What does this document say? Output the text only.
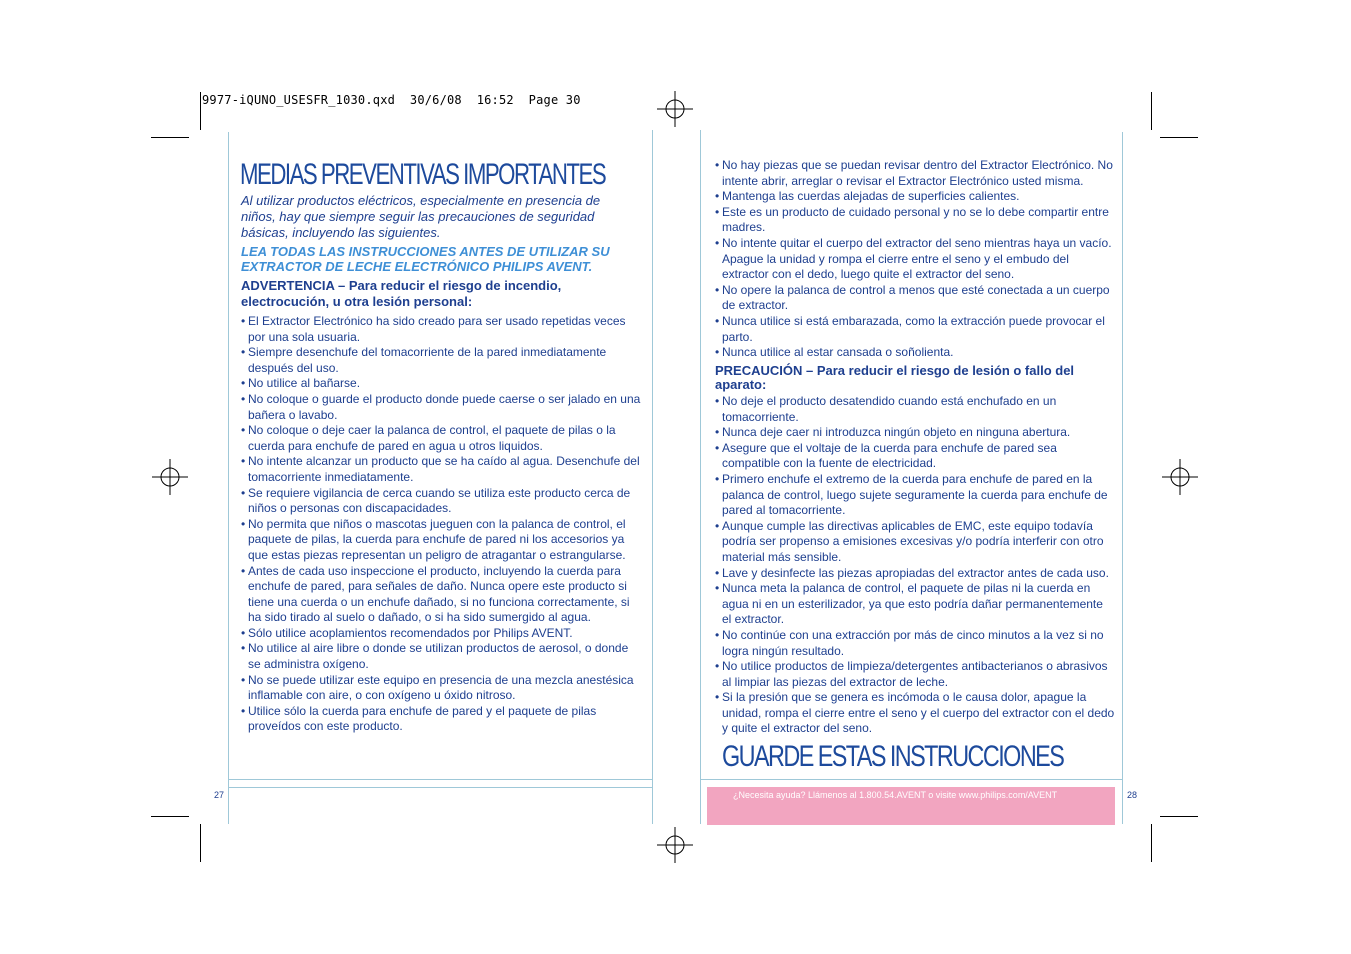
9977-iQUNO_USESFR_1030.qxd  30/6/08  16:52  Page 30
MEDIAS PREVENTIVAS IMPORTANTES
Al utilizar productos eléctricos, especialmente en presencia de niños, hay que siempre seguir las precauciones de seguridad básicas, incluyendo las siguientes.
LEA TODAS LAS INSTRUCCIONES ANTES DE UTILIZAR SU EXTRACTOR DE LECHE ELECTRÓNICO PHILIPS AVENT.
ADVERTENCIA – Para reducir el riesgo de incendio, electrocución, u otra lesión personal:
• El Extractor Electrónico ha sido creado para ser usado repetidas veces por una sola usuaria.
• Siempre desenchufe del tomacorriente de la pared inmediatamente después del uso.
• No utilice al bañarse.
• No coloque o guarde el producto donde puede caerse o ser jalado en una bañera o lavabo.
• No coloque o deje caer la palanca de control, el paquete de pilas o la cuerda para enchufe de pared en agua u otros liquidos.
• No intente alcanzar un producto que se ha caído al agua. Desenchufe del tomacorriente inmediatamente.
• Se requiere vigilancia de cerca cuando se utiliza este producto cerca de niños o personas con discapacidades.
• No permita que niños o mascotas jueguen con la palanca de control, el paquete de pilas, la cuerda para enchufe de pared ni los accesorios ya que estas piezas representan un peligro de atragantar o estrangularse.
• Antes de cada uso inspeccione el producto, incluyendo la cuerda para enchufe de pared, para señales de daño. Nunca opere este producto si tiene una cuerda o un enchufe dañado, si no funciona correctamente, si ha sido tirado al suelo o dañado, o si ha sido sumergido al agua.
• Sólo utilice acoplamientos recomendados por Philips AVENT.
• No utilice al aire libre o donde se utilizan productos de aerosol, o donde se administra oxígeno.
• No se puede utilizar este equipo en presencia de una mezcla anestésica inflamable con aire, o con oxígeno u óxido nitroso.
• Utilice sólo la cuerda para enchufe de pared y el paquete de pilas proveídos con este producto.
27
• No hay piezas que se puedan revisar dentro del Extractor Electrónico. No intente abrir, arreglar o revisar el Extractor Electrónico usted misma.
• Mantenga las cuerdas alejadas de superficies calientes.
• Este es un producto de cuidado personal y no se lo debe compartir entre madres.
• No intente quitar el cuerpo del extractor del seno mientras haya un vacío. Apague la unidad y rompa el cierre entre el seno y el embudo del extractor con el dedo, luego quite el extractor del seno.
• No opere la palanca de control a menos que esté conectada a un cuerpo de extractor.
• Nunca utilice si está embarazada, como la extracción puede provocar el parto.
• Nunca utilice al estar cansada o soñolienta.
PRECAUCIÓN – Para reducir el riesgo de lesión o fallo del aparato:
• No deje el producto desatendido cuando está enchufado en un tomacorriente.
• Nunca deje caer ni introduzca ningún objeto en ninguna abertura.
• Asegure que el voltaje de la cuerda para enchufe de pared sea compatible con la fuente de electricidad.
• Primero enchufe el extremo de la cuerda para enchufe de pared en la palanca de control, luego sujete seguramente la cuerda para enchufe de pared al tomacorriente.
• Aunque cumple las directivas aplicables de EMC, este equipo todavía podría ser propenso a emisiones excesivas y/o podría interferir con otro material más sensible.
• Lave y desinfecte las piezas apropiadas del extractor antes de cada uso.
• Nunca meta la palanca de control, el paquete de pilas ni la cuerda en agua ni en un esterilizador, ya que esto podría dañar permanentemente el extractor.
• No continúe con una extracción por más de cinco minutos a la vez si no logra ningún resultado.
• No utilice productos de limpieza/detergentes antibacterianos o abrasivos al limpiar las piezas del extractor de leche.
• Si la presión que se genera es incómoda o le causa dolor, apague la unidad, rompa el cierre entre el seno y el cuerpo del extractor con el dedo y quite el extractor del seno.
GUARDE ESTAS INSTRUCCIONES
¿Necesita ayuda? Llámenos al 1.800.54.AVENT o visite www.philips.com/AVENT	28
